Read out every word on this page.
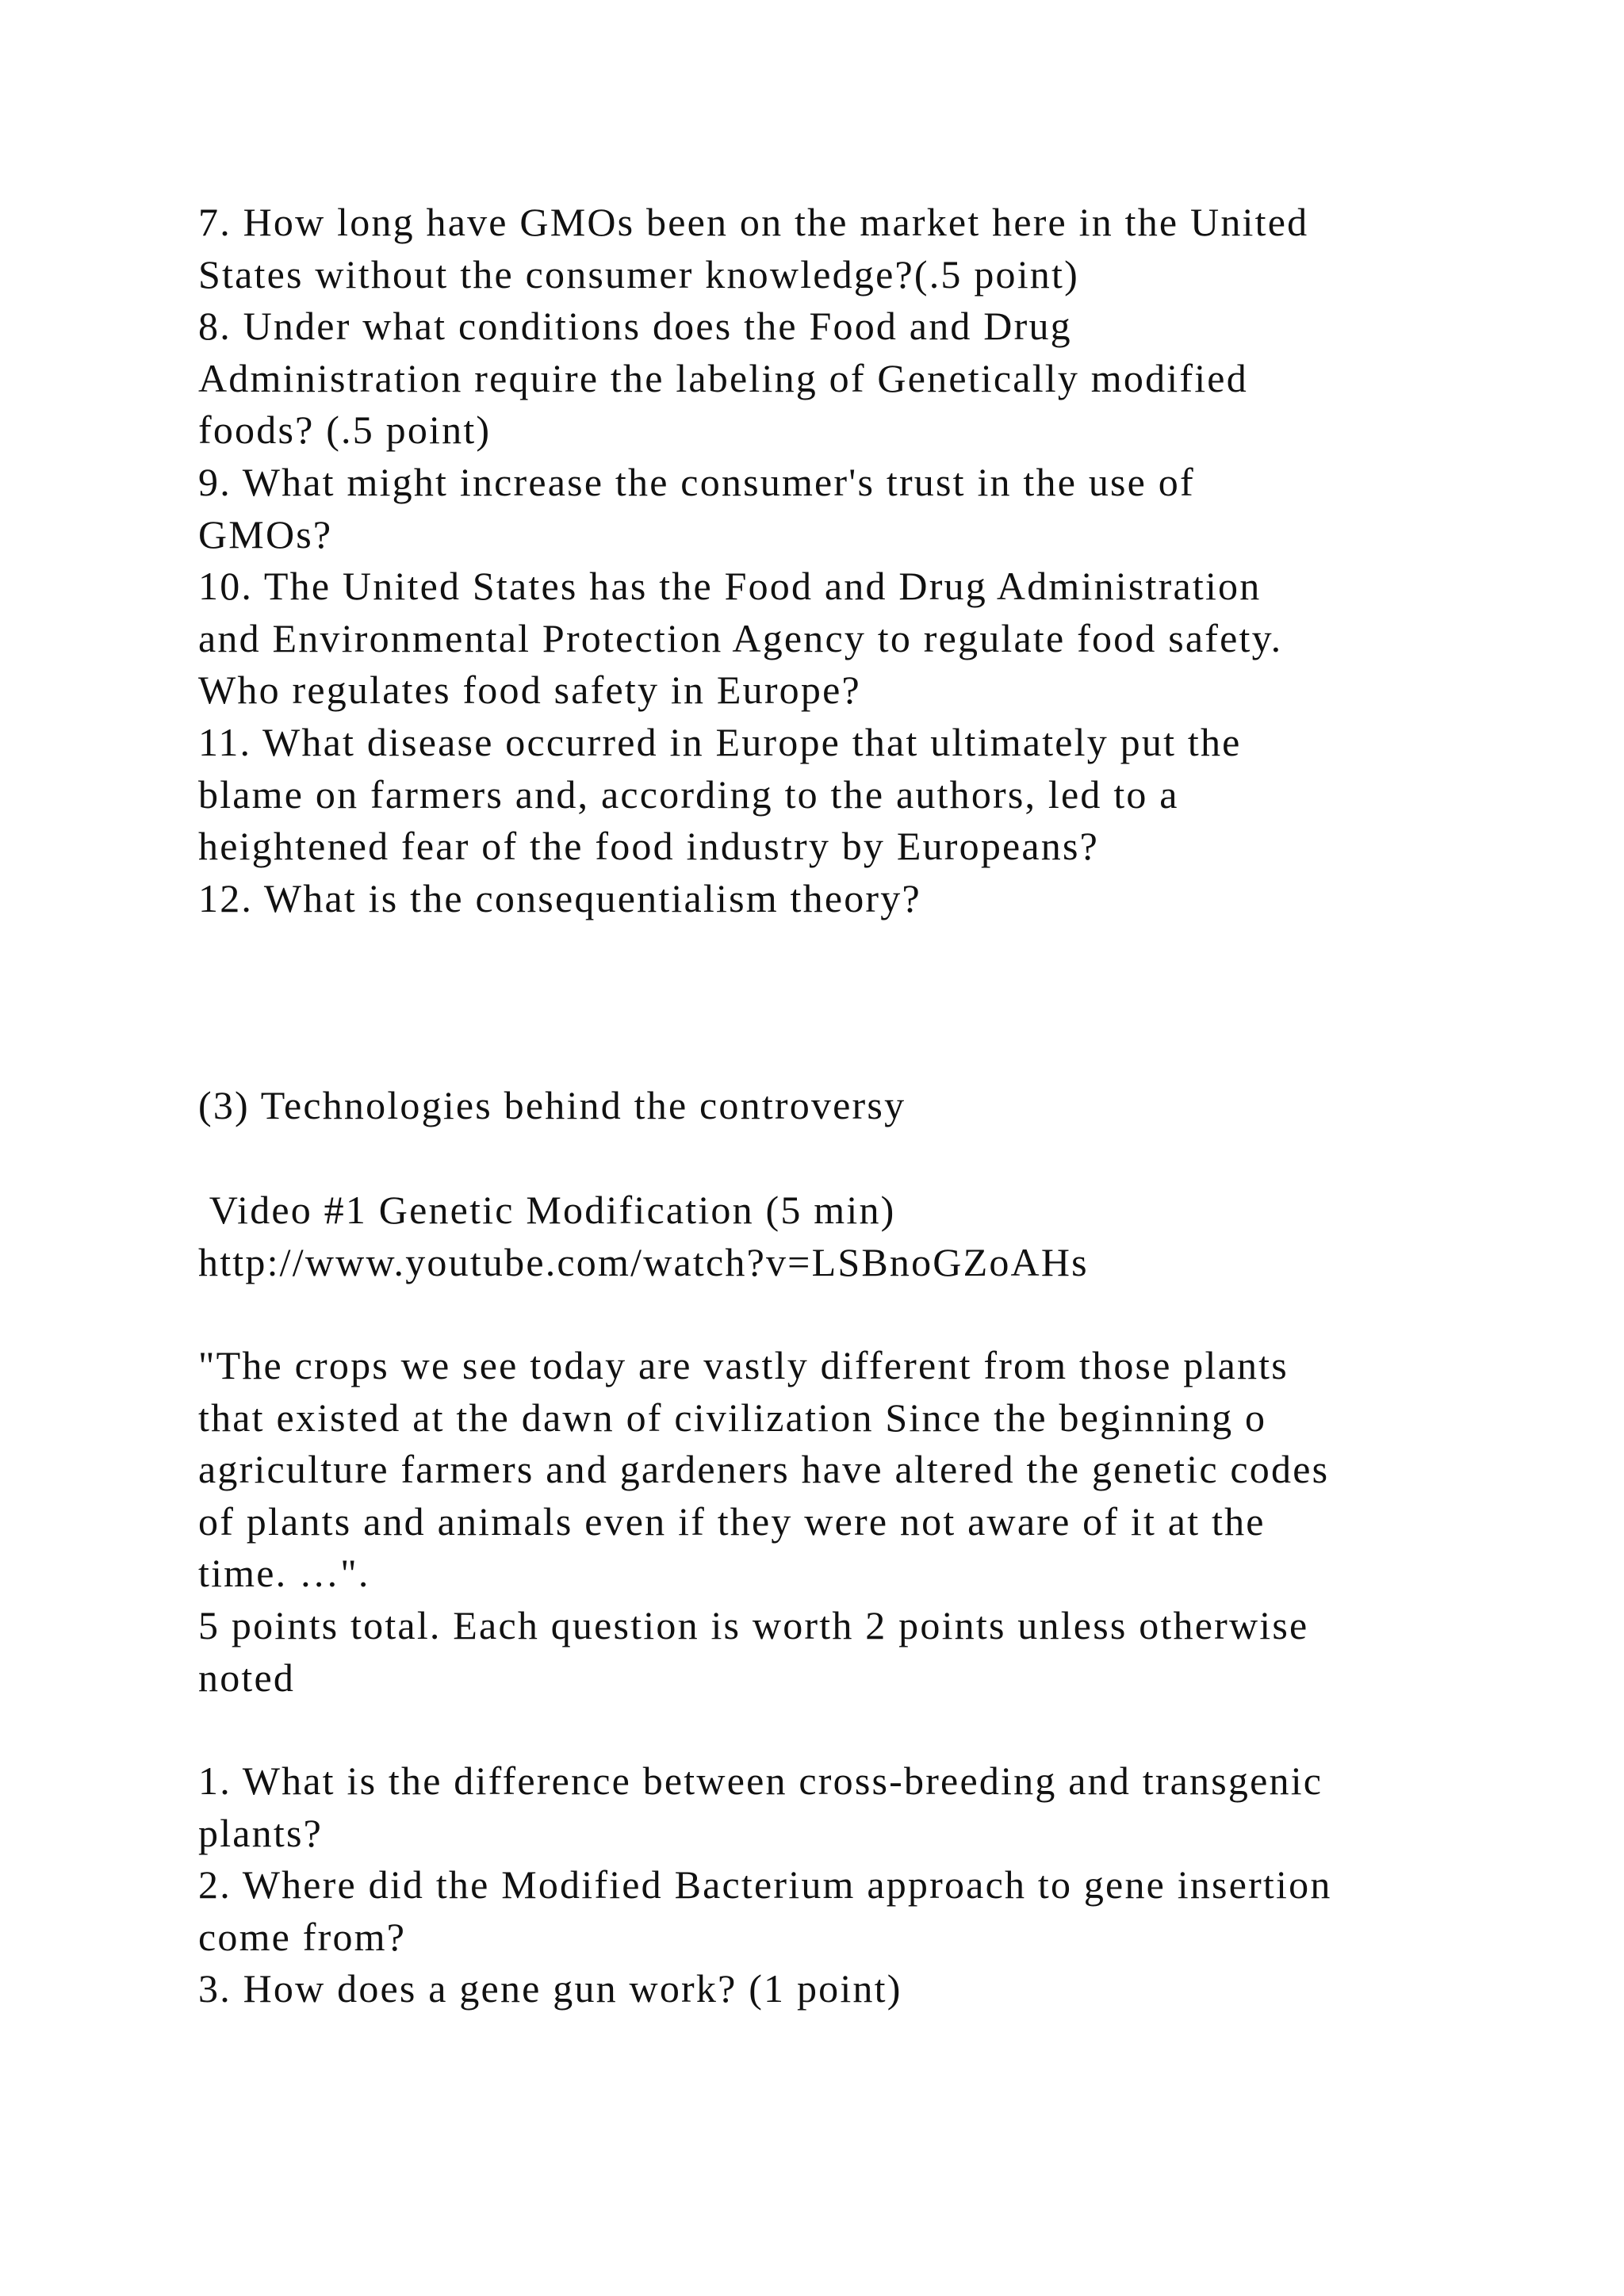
7. How long have GMOs been on the market here in the United
States without the consumer knowledge?(.5 point)
8. Under what conditions does the Food and Drug
Administration require the labeling of Genetically modified
foods? (.5 point)
9. What might increase the consumer's trust in the use of
GMOs?
10. The United States has the Food and Drug Administration
and Environmental Protection Agency to regulate food safety.
Who regulates food safety in Europe?
11. What disease occurred in Europe that ultimately put the
blame on farmers and, according to the authors, led to a
heightened fear of the food industry by Europeans?
12. What is the consequentialism theory?
(3) Technologies behind the controversy
Video #1 Genetic Modification (5 min)
http://www.youtube.com/watch?v=LSBnoGZoAHs
"The crops we see today are vastly different from those plants
that existed at the dawn of civilization Since the beginning o
agriculture farmers and gardeners have altered the genetic codes
of plants and animals even if they were not aware of it at the
time. …".
5 points total. Each question is worth 2 points unless otherwise
noted
1. What is the difference between cross-breeding and transgenic
plants?
2. Where did the Modified Bacterium approach to gene insertion
come from?
3. How does a gene gun work? (1 point)
